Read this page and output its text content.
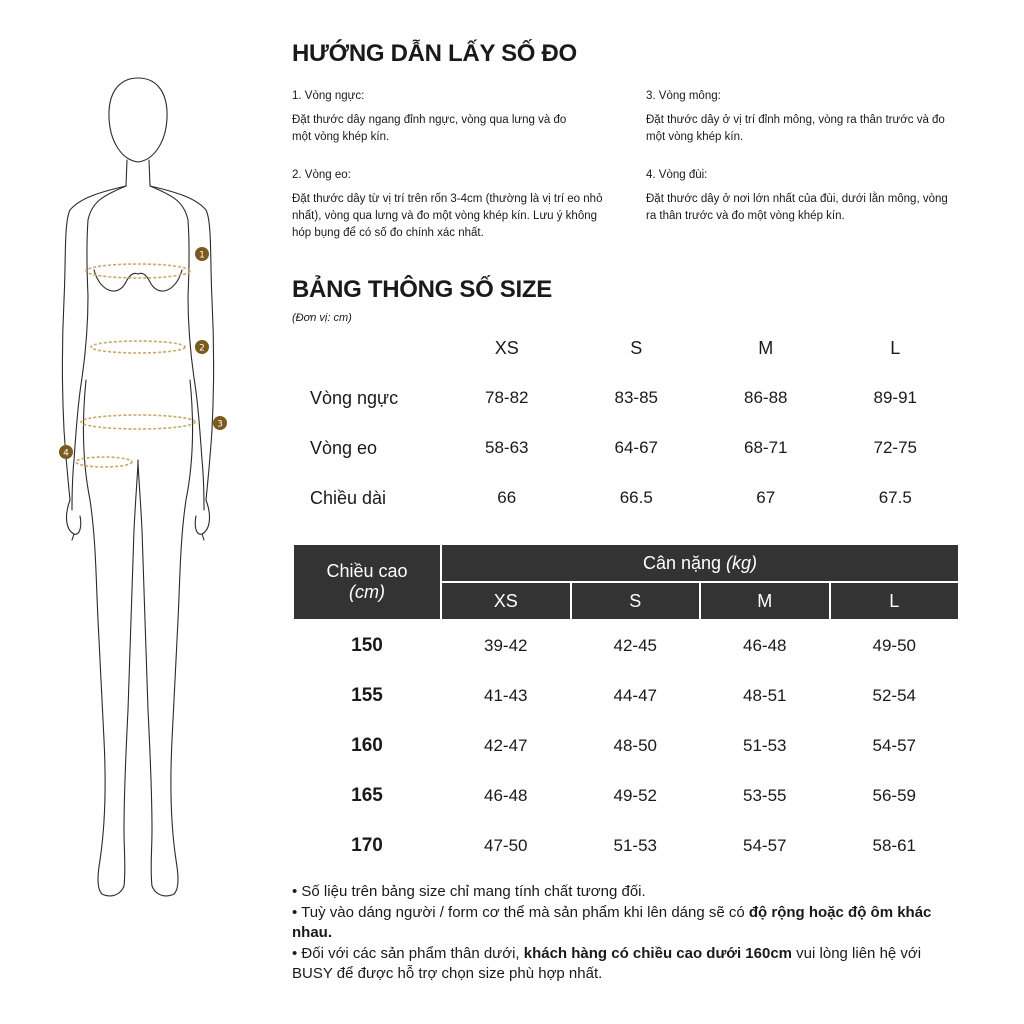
1
2
3
4
HƯỚNG DẪN LẤY SỐ ĐO
1. Vòng ngực:
Đặt thước dây ngang đỉnh ngực, vòng qua lưng và đo một vòng khép kín.
2. Vòng eo:
Đặt thước dây từ vị trí trên rốn 3-4cm (thường là vị trí eo nhỏ nhất), vòng qua lưng và đo một vòng khép kín. Lưu ý không hóp bụng để có số đo chính xác nhất.
3. Vòng mông:
Đặt thước dây ở vị trí đỉnh mông, vòng ra thân trước và đo một vòng khép kín.
4. Vòng đùi:
Đặt thước dây ở nơi lớn nhất của đùi, dưới lằn mông, vòng ra thân trước và đo một vòng khép kín.
BẢNG THÔNG SỐ SIZE
(Đơn vị: cm)
	XS	S	M	L
Vòng ngực	78-82	83-85	86-88	89-91
Vòng eo	58-63	64-67	68-71	72-75
Chiều dài	66	66.5	67	67.5
Chiều cao
(cm)	Cân nặng (kg)			
	XS	S	M	L
150	39-42	42-45	46-48	49-50
155	41-43	44-47	48-51	52-54
160	42-47	48-50	51-53	54-57
165	46-48	49-52	53-55	56-59
170	47-50	51-53	54-57	58-61

• Số liệu trên bảng size chỉ mang tính chất tương đối.

• Tuỳ vào dáng người / form cơ thể mà sản phẩm khi lên dáng sẽ có độ rộng hoặc độ ôm khác nhau.

• Đối với các sản phẩm thân dưới, khách hàng có chiều cao dưới 160cm vui lòng liên hệ với BUSY để được hỗ trợ chọn size phù hợp nhất.
